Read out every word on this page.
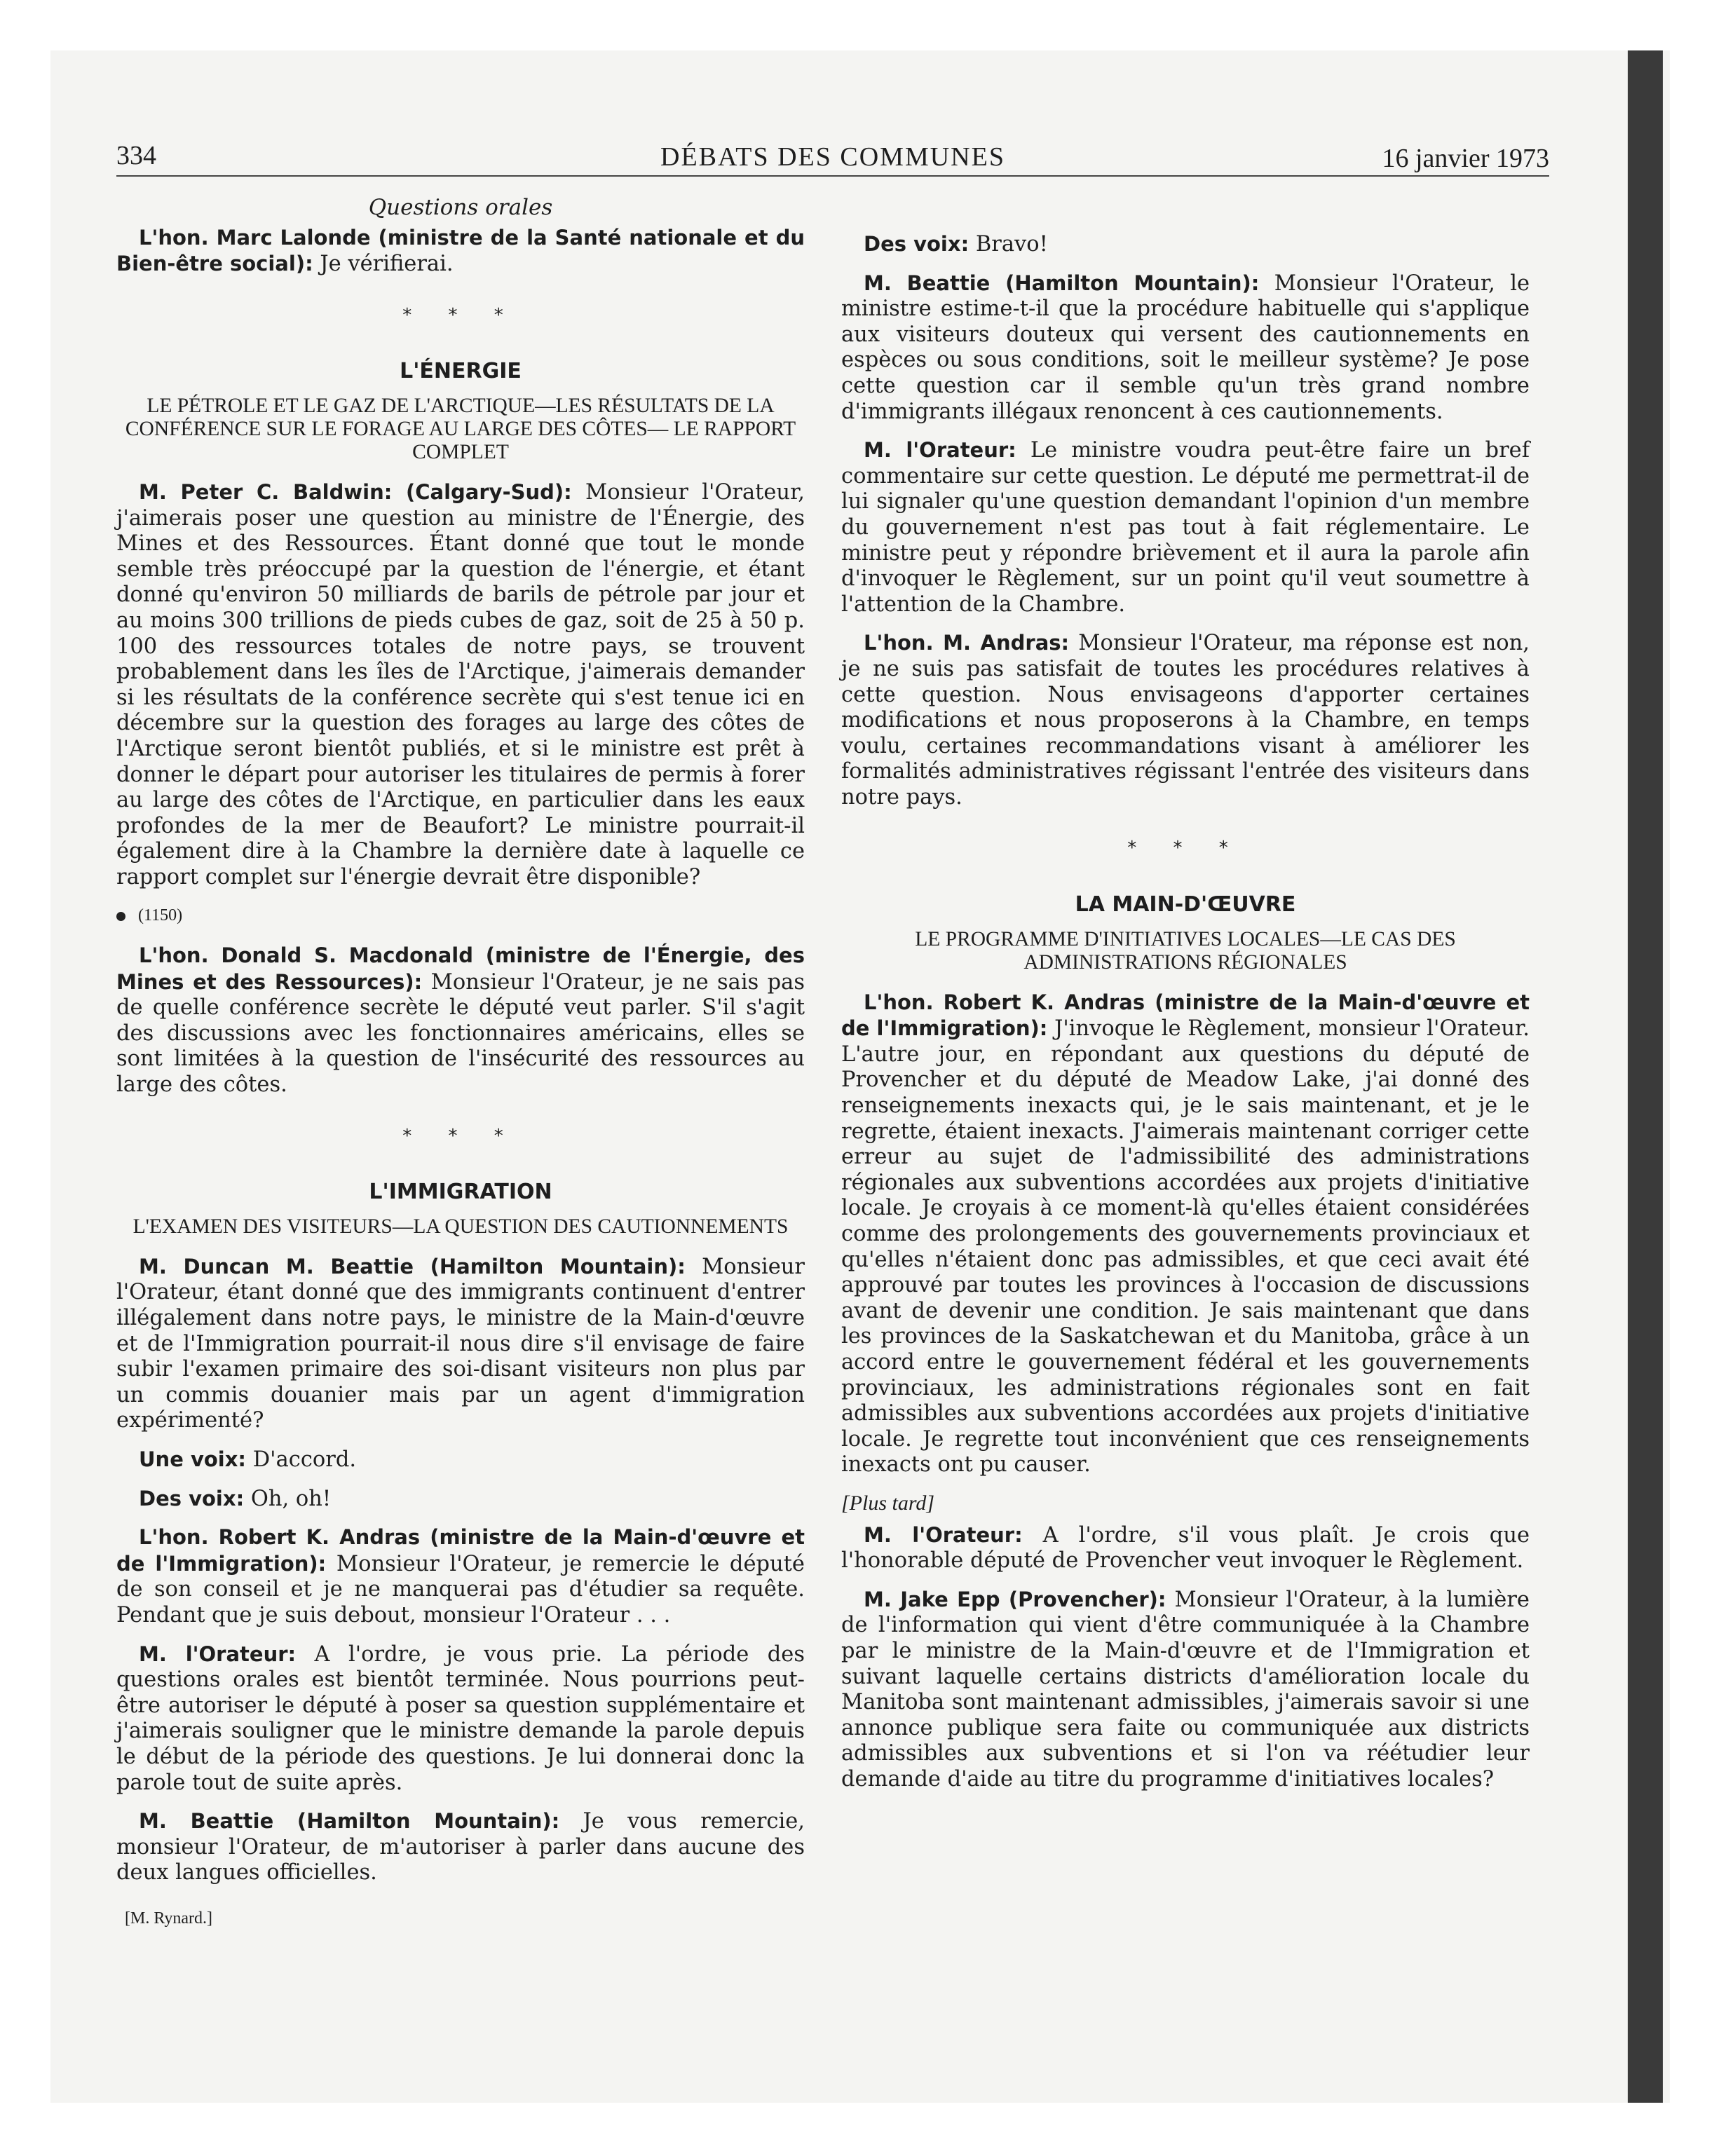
334	DÉBATS DES COMMUNES	16 janvier 1973
Questions orales

L'hon. Marc Lalonde (ministre de la Santé nationale et du Bien-être social): Je vérifierai.

* * *
L'ÉNERGIE
LE PÉTROLE ET LE GAZ DE L'ARCTIQUE—LES RÉSULTATS DE LA CONFÉRENCE SUR LE FORAGE AU LARGE DES CÔTES— LE RAPPORT COMPLET

M. Peter C. Baldwin: (Calgary-Sud): Monsieur l'Orateur, j'aimerais poser une question au ministre de l'Énergie, des Mines et des Ressources. Étant donné que tout le monde semble très préoccupé par la question de l'énergie, et étant donné qu'environ 50 milliards de barils de pétrole par jour et au moins 300 trillions de pieds cubes de gaz, soit de 25 à 50 p. 100 des ressources totales de notre pays, se trouvent probablement dans les îles de l'Arctique, j'aimerais demander si les résultats de la conférence secrète qui s'est tenue ici en décembre sur la question des forages au large des côtes de l'Arctique seront bientôt publiés, et si le ministre est prêt à donner le départ pour autoriser les titulaires de permis à forer au large des côtes de l'Arctique, en particulier dans les eaux profondes de la mer de Beaufort? Le ministre pourrait-il également dire à la Chambre la dernière date à laquelle ce rapport complet sur l'énergie devrait être disponible?

(1150)

L'hon. Donald S. Macdonald (ministre de l'Énergie, des Mines et des Ressources): Monsieur l'Orateur, je ne sais pas de quelle conférence secrète le député veut parler. S'il s'agit des discussions avec les fonctionnaires américains, elles se sont limitées à la question de l'insécurité des ressources au large des côtes.

* * *
L'IMMIGRATION
L'EXAMEN DES VISITEURS—LA QUESTION DES CAUTIONNEMENTS

M. Duncan M. Beattie (Hamilton Mountain): Monsieur l'Orateur, étant donné que des immigrants continuent d'entrer illégalement dans notre pays, le ministre de la Main-d'œuvre et de l'Immigration pourrait-il nous dire s'il envisage de faire subir l'examen primaire des soi-disant visiteurs non plus par un commis douanier mais par un agent d'immigration expérimenté?

Une voix: D'accord.

Des voix: Oh, oh!

L'hon. Robert K. Andras (ministre de la Main-d'œuvre et de l'Immigration): Monsieur l'Orateur, je remercie le député de son conseil et je ne manquerai pas d'étudier sa requête. Pendant que je suis debout, monsieur l'Orateur . . .

M. l'Orateur: A l'ordre, je vous prie. La période des questions orales est bientôt terminée. Nous pourrions peut-être autoriser le député à poser sa question supplémentaire et j'aimerais souligner que le ministre demande la parole depuis le début de la période des questions. Je lui donnerai donc la parole tout de suite après.

M. Beattie (Hamilton Mountain): Je vous remercie, monsieur l'Orateur, de m'autoriser à parler dans aucune des deux langues officielles.

[M. Rynard.]

Des voix: Bravo!

M. Beattie (Hamilton Mountain): Monsieur l'Orateur, le ministre estime-t-il que la procédure habituelle qui s'applique aux visiteurs douteux qui versent des cautionnements en espèces ou sous conditions, soit le meilleur système? Je pose cette question car il semble qu'un très grand nombre d'immigrants illégaux renoncent à ces cautionnements.

M. l'Orateur: Le ministre voudra peut-être faire un bref commentaire sur cette question. Le député me permettrat-il de lui signaler qu'une question demandant l'opinion d'un membre du gouvernement n'est pas tout à fait réglementaire. Le ministre peut y répondre brièvement et il aura la parole afin d'invoquer le Règlement, sur un point qu'il veut soumettre à l'attention de la Chambre.

L'hon. M. Andras: Monsieur l'Orateur, ma réponse est non, je ne suis pas satisfait de toutes les procédures relatives à cette question. Nous envisageons d'apporter certaines modifications et nous proposerons à la Chambre, en temps voulu, certaines recommandations visant à améliorer les formalités administratives régissant l'entrée des visiteurs dans notre pays.

* * *
LA MAIN-D'ŒUVRE
LE PROGRAMME D'INITIATIVES LOCALES—LE CAS DES ADMINISTRATIONS RÉGIONALES

L'hon. Robert K. Andras (ministre de la Main-d'œuvre et de l'Immigration): J'invoque le Règlement, monsieur l'Orateur. L'autre jour, en répondant aux questions du député de Provencher et du député de Meadow Lake, j'ai donné des renseignements inexacts qui, je le sais maintenant, et je le regrette, étaient inexacts. J'aimerais maintenant corriger cette erreur au sujet de l'admissibilité des administrations régionales aux subventions accordées aux projets d'initiative locale. Je croyais à ce moment-là qu'elles étaient considérées comme des prolongements des gouvernements provinciaux et qu'elles n'étaient donc pas admissibles, et que ceci avait été approuvé par toutes les provinces à l'occasion de discussions avant de devenir une condition. Je sais maintenant que dans les provinces de la Saskatchewan et du Manitoba, grâce à un accord entre le gouvernement fédéral et les gouvernements provinciaux, les administrations régionales sont en fait admissibles aux subventions accordées aux projets d'initiative locale. Je regrette tout inconvénient que ces renseignements inexacts ont pu causer.

[Plus tard]

M. l'Orateur: A l'ordre, s'il vous plaît. Je crois que l'honorable député de Provencher veut invoquer le Règlement.

M. Jake Epp (Provencher): Monsieur l'Orateur, à la lumière de l'information qui vient d'être communiquée à la Chambre par le ministre de la Main-d'œuvre et de l'Immigration et suivant laquelle certains districts d'amélioration locale du Manitoba sont maintenant admissibles, j'aimerais savoir si une annonce publique sera faite ou communiquée aux districts admissibles aux subventions et si l'on va réétudier leur demande d'aide au titre du programme d'initiatives locales?
